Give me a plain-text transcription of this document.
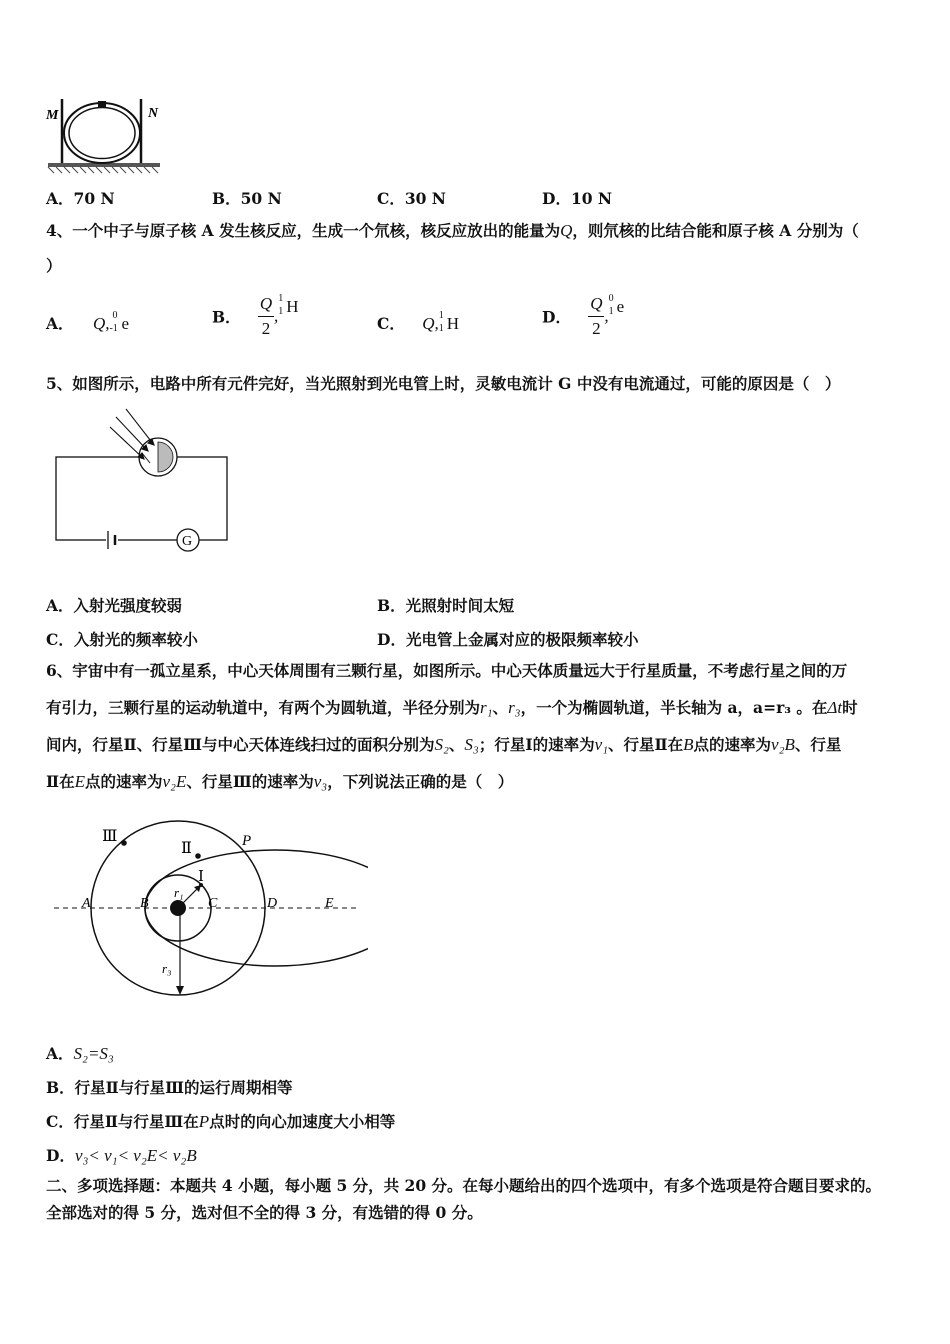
M	N
A．70 N	B．50 N	C．30 N	D．10 N
4、一个中子与原子核 A 发生核反应，生成一个氘核，核反应放出的能量为Q，则氘核的比结合能和原子核 A 分别为（
）
A． Q, 0
-1 e	B． $\frac{Q}{2}$ ,
1
1 H
C． Q, 1
1 H	D． $\frac{Q}{2}$ ,
0
1 e
5、如图所示，电路中所有元件完好，当光照射到光电管上时，灵敏电流计 G 中没有电流通过，可能的原因是（　）
G
A．入射光强度较弱	B．光照射时间太短
C．入射光的频率较小	D．光电管上金属对应的极限频率较小
6、宇宙中有一孤立星系，中心天体周围有三颗行星，如图所示。中心天体质量远大于行星质量，不考虑行星之间的万
有引力，三颗行星的运动轨道中，有两个为圆轨道，半径分别为r₁、r₃，一个为椭圆轨道，半长轴为 a，a=r₃ 。在Δt时
间内，行星Ⅱ、行星Ⅲ与中心天体连线扫过的面积分别为S₂、S₃；行星Ⅰ的速率为v₁、行星Ⅱ在B点的速率为v₂B、行星
Ⅱ在E点的速率为v₂E、行星Ⅲ的速率为v₃，下列说法正确的是（　）
Ⅲ
Ⅱ
Ⅰ
P
A	B	C	D	E
r₁
r₃
A．S₂=S₃
B．行星Ⅱ与行星Ⅲ的运行周期相等
C．行星Ⅱ与行星Ⅲ在P点时的向心加速度大小相等
D．v₃< v₁< v₂E< v₂B
二、多项选择题：本题共 4 小题，每小题 5 分，共 20 分。在每小题给出的四个选项中，有多个选项是符合题目要求的。
全部选对的得 5 分，选对但不全的得 3 分，有选错的得 0 分。
